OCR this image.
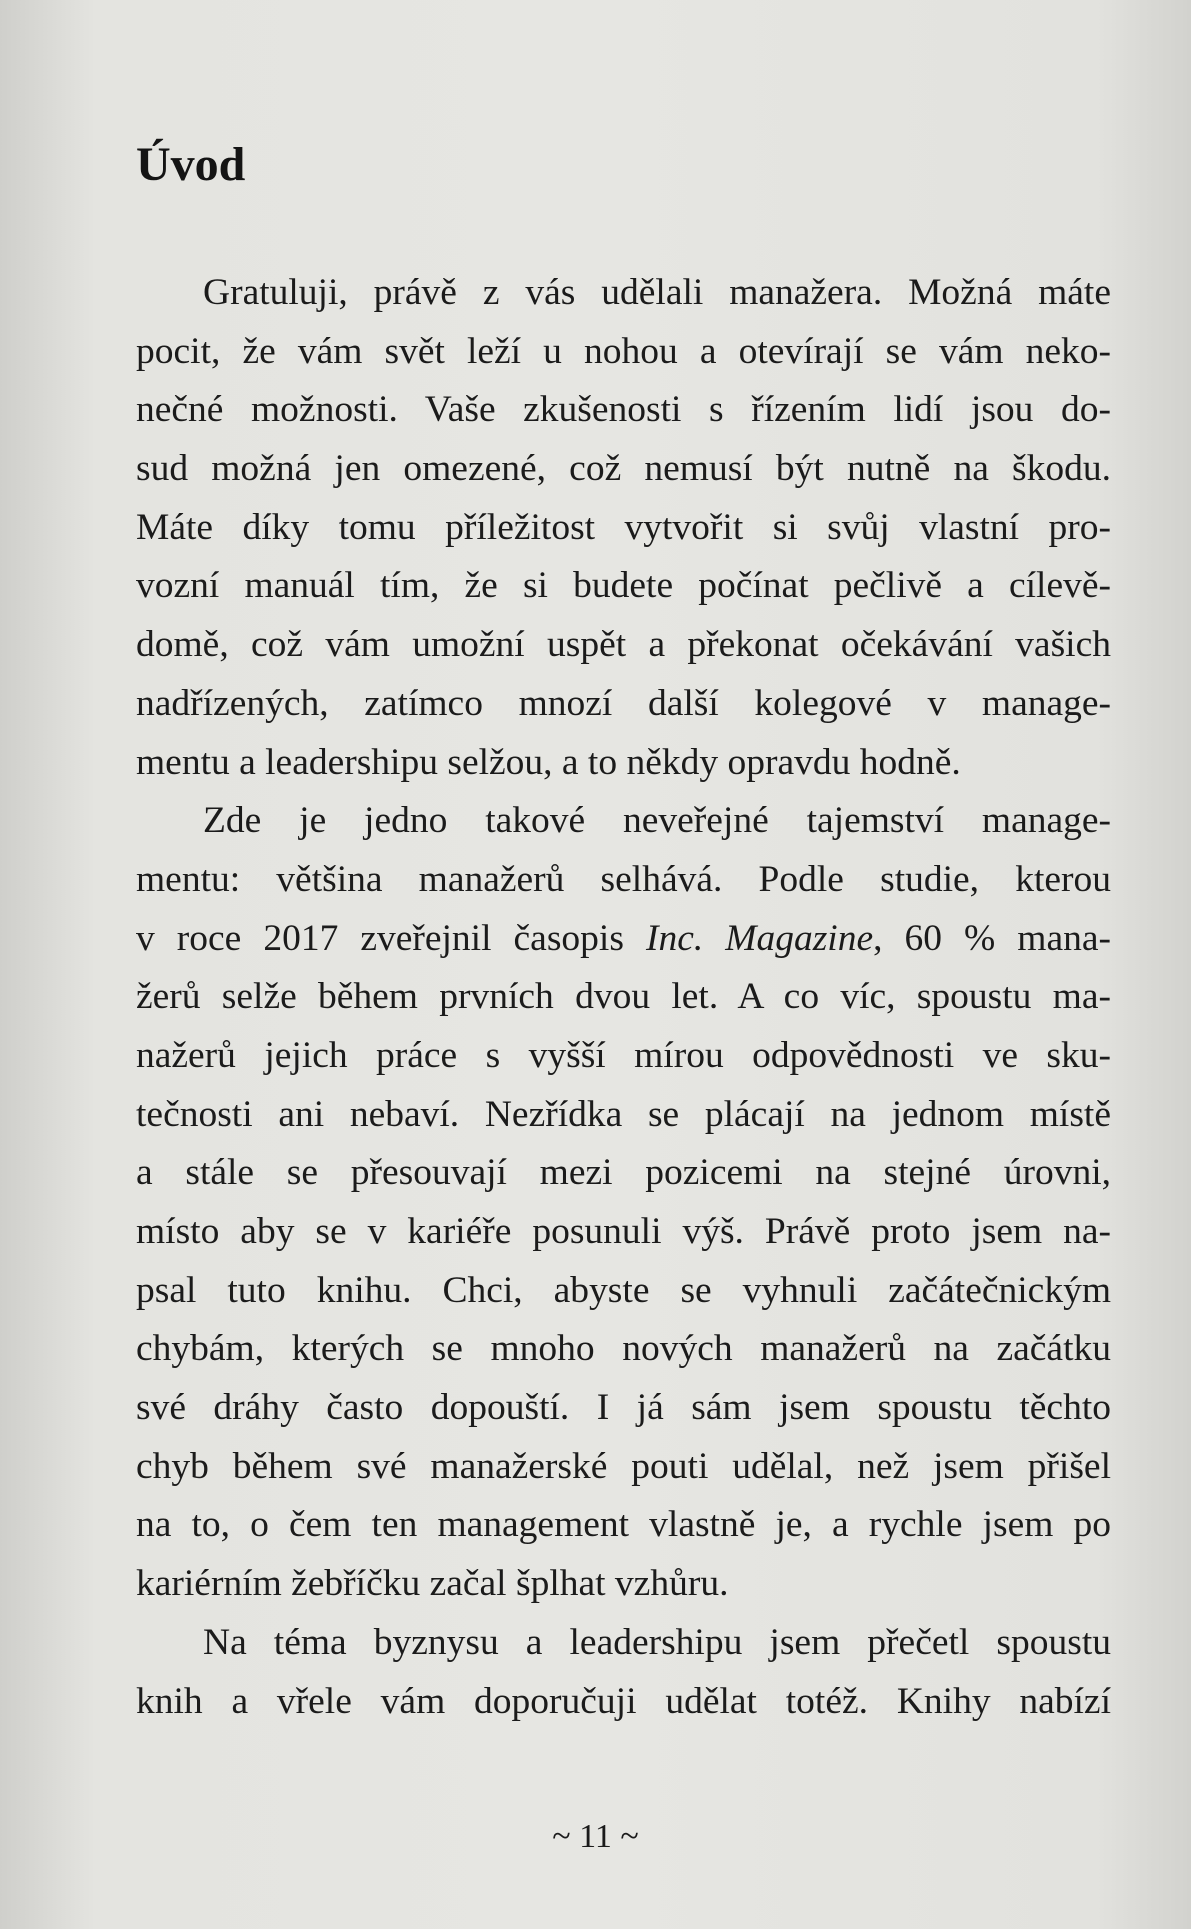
Úvod
Gratuluji, právě z vás udělali manažera. Možná máte
pocit, že vám svět leží u nohou a otevírají se vám neko-
nečné možnosti. Vaše zkušenosti s řízením lidí jsou do-
sud možná jen omezené, což nemusí být nutně na škodu.
Máte díky tomu příležitost vytvořit si svůj vlastní pro-
vozní manuál tím, že si budete počínat pečlivě a cílevě-
domě, což vám umožní uspět a překonat očekávání vašich
nadřízených, zatímco mnozí další kolegové v manage-
mentu a leadershipu selžou, a to někdy opravdu hodně.
Zde je jedno takové neveřejné tajemství manage-
mentu: většina manažerů selhává. Podle studie, kterou
v roce 2017 zveřejnil časopis Inc. Magazine, 60 % mana-
žerů selže během prvních dvou let. A co víc, spoustu ma-
nažerů jejich práce s vyšší mírou odpovědnosti ve sku-
tečnosti ani nebaví. Nezřídka se plácají na jednom místě
a stále se přesouvají mezi pozicemi na stejné úrovni,
místo aby se v kariéře posunuli výš. Právě proto jsem na-
psal tuto knihu. Chci, abyste se vyhnuli začátečnickým
chybám, kterých se mnoho nových manažerů na začátku
své dráhy často dopouští. I já sám jsem spoustu těchto
chyb během své manažerské pouti udělal, než jsem přišel
na to, o čem ten management vlastně je, a rychle jsem po
kariérním žebříčku začal šplhat vzhůru.
Na téma byznysu a leadershipu jsem přečetl spoustu
knih a vřele vám doporučuji udělat totéž. Knihy nabízí
~ 11 ~
